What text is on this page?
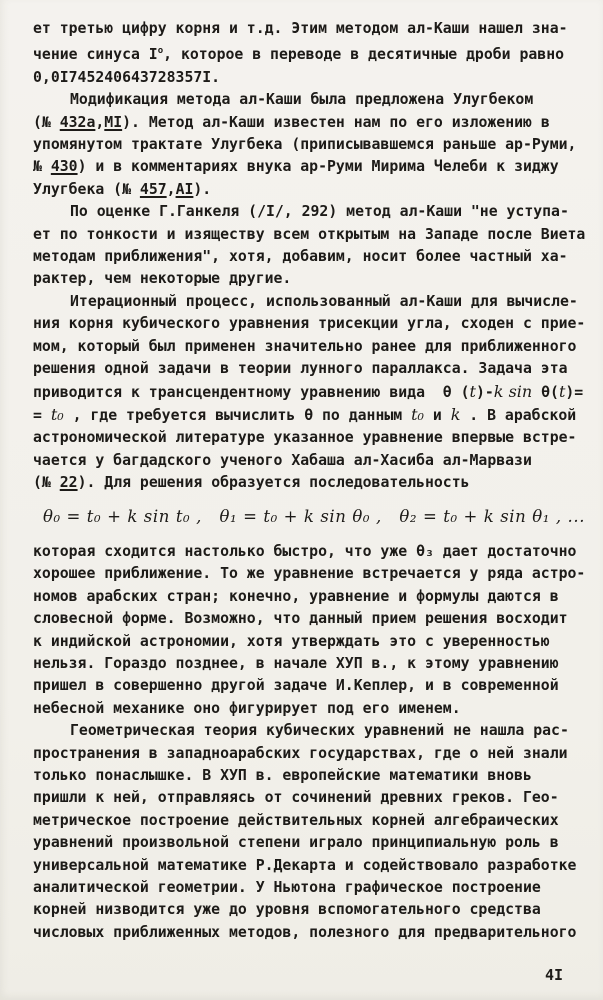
ет третью цифру корня и т.д. Этим методом ал-Каши нашел зна-
чение синуса $I^o$, которое в переводе в десятичные дроби равно
0,0I745240643728357I.
Модификация метода ал-Каши была предложена Улугбеком
(№ 432а,МI). Метод ал-Каши известен нам по его изложению в
упомянутом трактате Улугбека (приписывавшемся раньше ар-Руми,
№ 430) и в комментариях внука ар-Руми Мирима Челеби к зиджу
Улугбека (№ 457,АI).
По оценке Г.Ганкеля (/I/, 292) метод ал-Каши "не уступа-
ет по тонкости и изяществу всем открытым на Западе после Виета
методам приближения", хотя, добавим, носит более частный ха-
рактер, чем некоторые другие.
Итерационный процесс, использованный ал-Каши для вычисле-
ния корня кубического уравнения трисекции угла, сходен с прие-
мом, который был применен значительно ранее для приближенного
решения одной задачи в теории лунного параллакса. Задача эта
приводится к трансцендентному уравнению вида  θ (t)-k sin θ(t)=
= t₀ , где требуется вычислить θ по данным t₀ и k . В арабской
астрономической литературе указанное уравнение впервые встре-
чается у багдадского ученого Хабаша ал-Хасиба ал-Марвази
(№ 22). Для решения образуется последовательность
θ₀ = t₀ + k sin t₀ ,   θ₁ = t₀ + k sin θ₀ ,   θ₂ = t₀ + k sin θ₁ , ...
которая сходится настолько быстро, что уже θ₃ дает достаточно
хорошее приближение. То же уравнение встречается у ряда астро-
номов арабских стран; конечно, уравнение и формулы даются в
словесной форме. Возможно, что данный прием решения восходит
к индийской астрономии, хотя утверждать это с уверенностью
нельзя. Гораздо позднее, в начале ХУП в., к этому уравнению
пришел в совершенно другой задаче И.Кеплер, и в современной
небесной механике оно фигурирует под его именем.
Геометрическая теория кубических уравнений не нашла рас-
пространения в западноарабских государствах, где о ней знали
только понаслышке. В ХУП в. европейские математики вновь
пришли к ней, отправляясь от сочинений древних греков. Гео-
метрическое построение действительных корней алгебраических
уравнений произвольной степени играло принципиальную роль в
универсальной математике Р.Декарта и содействовало разработке
аналитической геометрии. У Ньютона графическое построение
корней низводится уже до уровня вспомогательного средства
числовых приближенных методов, полезного для предварительного
4I
